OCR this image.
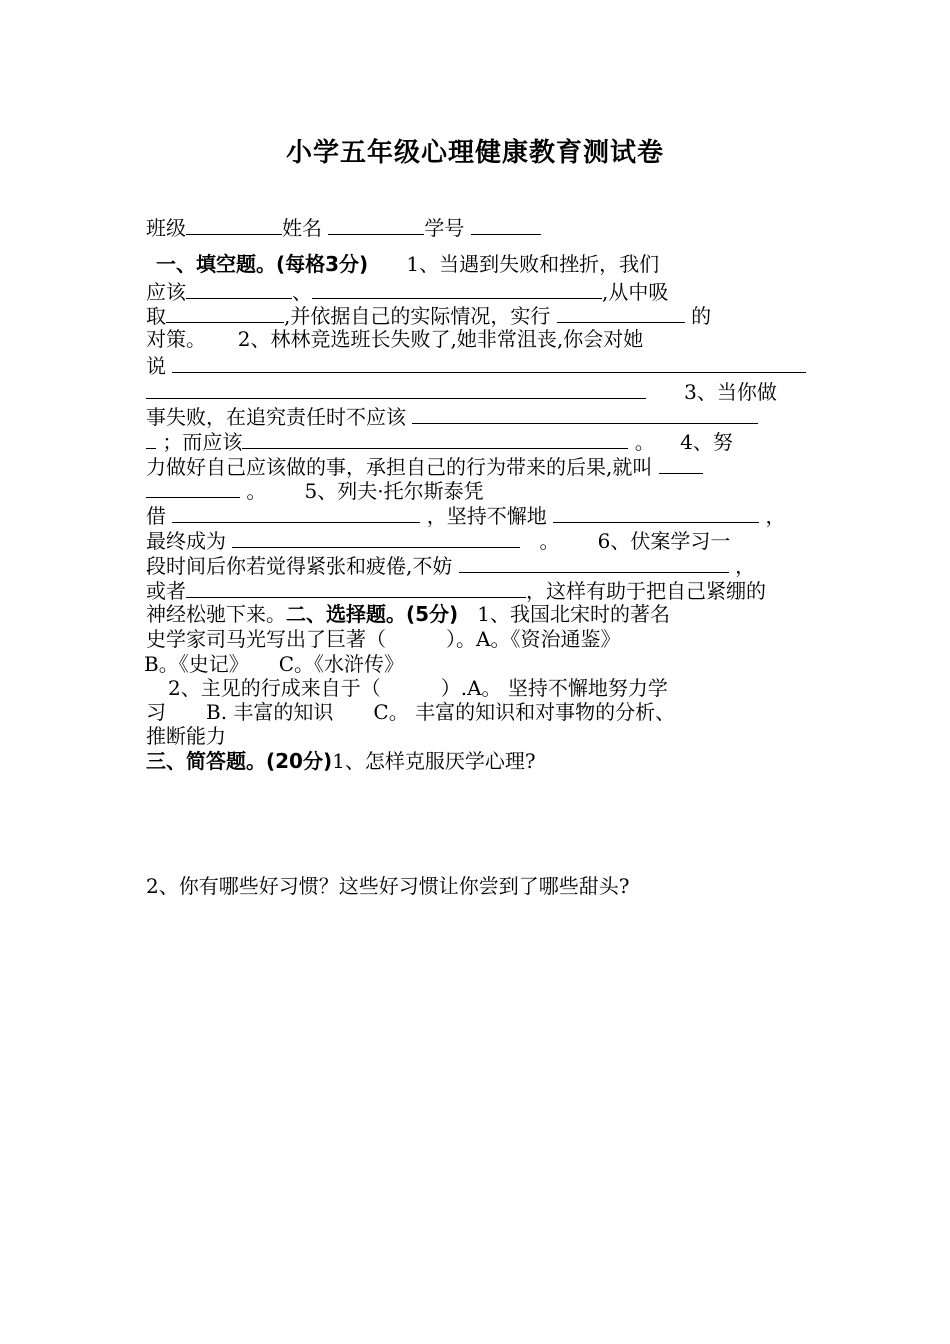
小学五年级心理健康教育测试卷
班级	姓名	学号
一、填空题。(每格3分) 1、当遇到失败和挫折，我们
应该	、	,从中吸
取	,并依据自己的实际情况，实行	的
对策。 2、林林竞选班长失败了,她非常沮丧,你会对她
说
3、当你做
事失败，在追究责任时不应该
；而应该	。 4、努
力做好自己应该做的事，承担自己的行为带来的后果,就叫
。 5、列夫·托尔斯泰凭
借	，坚持不懈地	，
最终成为	。 6、伏案学习一
段时间后你若觉得紧张和疲倦,不妨	，
或者	，这样有助于把自己紧绷的
神经松驰下来。二、选择题。(5分) 1、我国北宋时的著名
史学家司马光写出了巨著（　　　）。A。《资治通鉴》
B。《史记》　　C。《水浒传》
2、主见的行成来自于（　　　）.A。 坚持不懈地努力学
习　　B. 丰富的知识　　C。 丰富的知识和对事物的分析、
推断能力
三、简答题。(20分)1、怎样克服厌学心理?
2、你有哪些好习惯？这些好习惯让你尝到了哪些甜头?
